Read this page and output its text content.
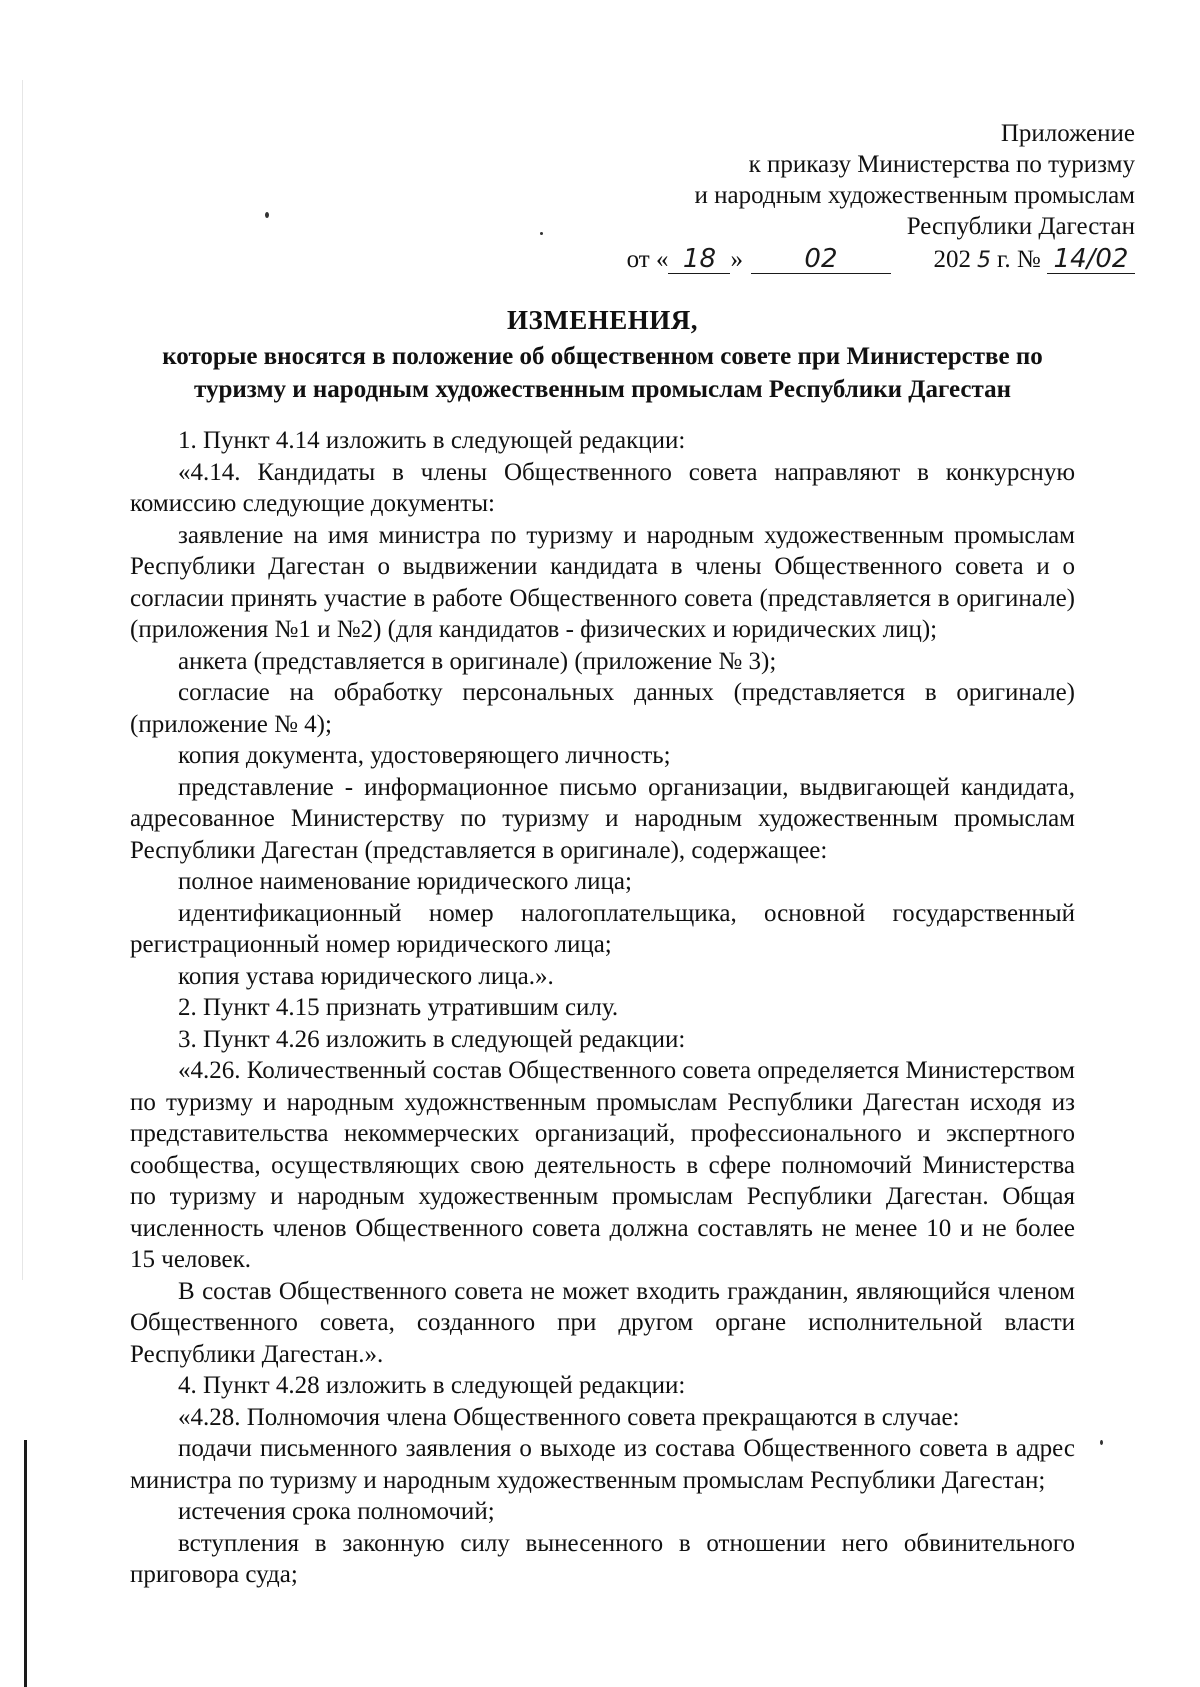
Приложение
к приказу Министерства по туризму
и народным художественным промыслам
Республики Дагестан
от « 18 » 02	202 5 г. № 14/02
ИЗМЕНЕНИЯ,
которые вносятся в положение об общественном совете при Министерстве по
туризму и народным художественным промыслам Республики Дагестан

1. Пункт 4.14 изложить в следующей редакции:

«4.14. Кандидаты в члены Общественного совета направляют в конкурсную комиссию следующие документы:

заявление на имя министра по туризму и народным художественным промыслам Республики Дагестан о выдвижении кандидата в члены Общественного совета и о согласии принять участие в работе Общественного совета (представляется в оригинале) (приложения №1 и №2) (для кандидатов - физических и юридических лиц);

анкета (представляется в оригинале) (приложение № 3);

согласие на обработку персональных данных (представляется в оригинале) (приложение № 4);

копия документа, удостоверяющего личность;

представление - информационное письмо организации, выдвигающей кандидата, адресованное Министерству по туризму и народным художественным промыслам Республики Дагестан (представляется в оригинале), содержащее:

полное наименование юридического лица;

идентификационный номер налогоплательщика, основной государственный регистрационный номер юридического лица;

копия устава юридического лица.».

2. Пункт 4.15 признать утратившим силу.

3. Пункт 4.26 изложить в следующей редакции:

«4.26. Количественный состав Общественного совета определяется Министерством по туризму и народным художнственным промыслам Республики Дагестан исходя из представительства некоммерческих организаций, профессионального и экспертного сообщества, осуществляющих свою деятельность в сфере полномочий Министерства по туризму и народным художественным промыслам Республики Дагестан. Общая численность членов Общественного совета должна составлять не менее 10 и не более 15 человек.

В состав Общественного совета не может входить гражданин, являющийся членом Общественного совета, созданного при другом органе исполнительной власти Республики Дагестан.».

4. Пункт 4.28 изложить в следующей редакции:

«4.28. Полномочия члена Общественного совета прекращаются в случае:

подачи письменного заявления о выходе из состава Общественного совета в адрес министра по туризму и народным художественным промыслам Республики Дагестан;

истечения срока полномочий;

вступления в законную силу вынесенного в отношении него обвинительного приговора суда;
